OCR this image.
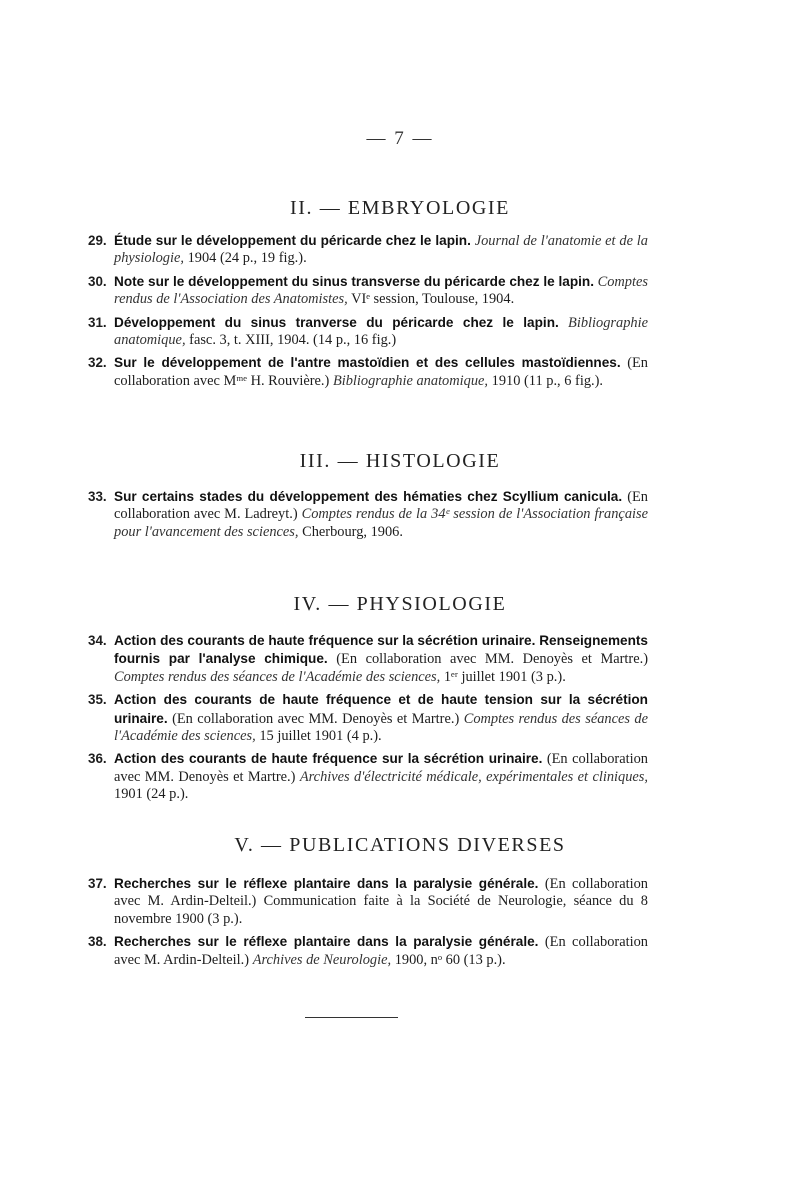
— 7 —
II. — EMBRYOLOGIE
29. Étude sur le développement du péricarde chez le lapin. Journal de l'anatomie et de la physiologie, 1904 (24 p., 19 fig.).
30. Note sur le développement du sinus transverse du péricarde chez le lapin. Comptes rendus de l'Association des Anatomistes, VIᵉ session, Toulouse, 1904.
31. Développement du sinus tranverse du péricarde chez le lapin. Bibliographie anatomique, fasc. 3, t. XIII, 1904. (14 p., 16 fig.)
32. Sur le développement de l'antre mastoïdien et des cellules mastoïdiennes. (En collaboration avec Mᵐᵉ H. Rouvière.) Bibliographie anatomique, 1910 (11 p., 6 fig.).
III. — HISTOLOGIE
33. Sur certains stades du développement des hématies chez Scyllium canicula. (En collaboration avec M. Ladreyt.) Comptes rendus de la 34ᵉ session de l'Association française pour l'avancement des sciences, Cherbourg, 1906.
IV. — PHYSIOLOGIE
34. Action des courants de haute fréquence sur la sécrétion urinaire. Renseignements fournis par l'analyse chimique. (En collaboration avec MM. Denoyès et Martre.) Comptes rendus des séances de l'Académie des sciences, 1ᵉʳ juillet 1901 (3 p.).
35. Action des courants de haute fréquence et de haute tension sur la sécrétion urinaire. (En collaboration avec MM. Denoyès et Martre.) Comptes rendus des séances de l'Académie des sciences, 15 juillet 1901 (4 p.).
36. Action des courants de haute fréquence sur la sécrétion urinaire. (En collaboration avec MM. Denoyès et Martre.) Archives d'électricité médicale, expérimentales et cliniques, 1901 (24 p.).
V. — PUBLICATIONS DIVERSES
37. Recherches sur le réflexe plantaire dans la paralysie générale. (En collaboration avec M. Ardin-Delteil.) Communication faite à la Société de Neurologie, séance du 8 novembre 1900 (3 p.).
38. Recherches sur le réflexe plantaire dans la paralysie générale. (En collaboration avec M. Ardin-Delteil.) Archives de Neurologie, 1900, nᵒ 60 (13 p.).
